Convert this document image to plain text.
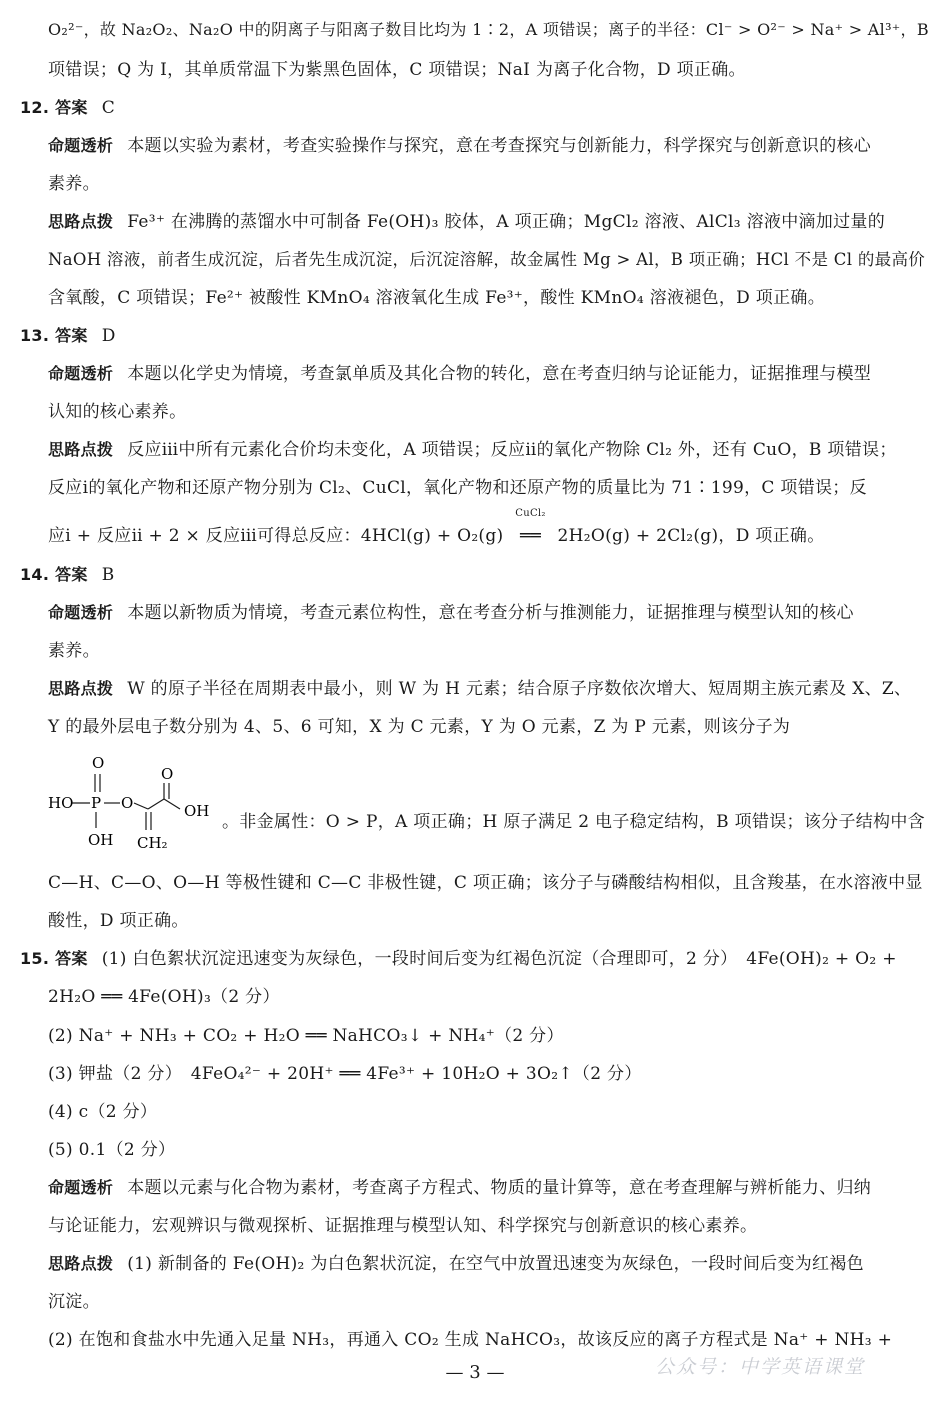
O₂²⁻，故 Na₂O₂、Na₂O 中的阴离子与阳离子数目比均为 1∶2，A 项错误；离子的半径：Cl⁻ > O²⁻ > Na⁺ > Al³⁺，B
项错误；Q 为 I，其单质常温下为紫黑色固体，C 项错误；NaI 为离子化合物，D 项正确。
12. 答案 C
命题透析 本题以实验为素材，考查实验操作与探究，意在考查探究与创新能力，科学探究与创新意识的核心
素养。
思路点拨 Fe³⁺ 在沸腾的蒸馏水中可制备 Fe(OH)₃ 胶体，A 项正确；MgCl₂ 溶液、AlCl₃ 溶液中滴加过量的
NaOH 溶液，前者生成沉淀，后者先生成沉淀，后沉淀溶解，故金属性 Mg > Al，B 项正确；HCl 不是 Cl 的最高价
含氧酸，C 项错误；Fe²⁺ 被酸性 KMnO₄ 溶液氧化生成 Fe³⁺，酸性 KMnO₄ 溶液褪色，D 项正确。
13. 答案 D
命题透析 本题以化学史为情境，考查氯单质及其化合物的转化，意在考查归纳与论证能力，证据推理与模型
认知的核心素养。
思路点拨 反应ⅲ中所有元素化合价均未变化，A 项错误；反应ⅱ的氧化产物除 Cl₂ 外，还有 CuO，B 项错误；
反应ⅰ的氧化产物和还原产物分别为 Cl₂、CuCl，氧化产物和还原产物的质量比为 71∶199，C 项错误；反
应ⅰ + 反应ⅱ + 2 × 反应ⅲ可得总反应：4HCl(g) + O₂(g)
CuCl₂
══ 2H₂O(g) + 2Cl₂(g)，D 项正确。
14. 答案 B
命题透析 本题以新物质为情境，考查元素位构性，意在考查分析与推测能力，证据推理与模型认知的核心
素养。
思路点拨 W 的原子半径在周期表中最小，则 W 为 H 元素；结合原子序数依次增大、短周期主族元素及 X、Z、
Y 的最外层电子数分别为 4、5、6 可知，X 为 C 元素，Y 为 O 元素，Z 为 P 元素，则该分子为
O
HO P O
O
OH
OH CH₂
。非金属性：O > P，A 项正确；H 原子满足 2 电子稳定结构，B 项错误；该分子结构中含
C—H、C—O、O—H 等极性键和 C—C 非极性键，C 项正确；该分子与磷酸结构相似，且含羧基，在水溶液中显
酸性，D 项正确。
15. 答案 (1) 白色絮状沉淀迅速变为灰绿色，一段时间后变为红褐色沉淀（合理即可，2 分）　4Fe(OH)₂ + O₂ +
2H₂O ══ 4Fe(OH)₃（2 分）
(2) Na⁺ + NH₃ + CO₂ + H₂O ══ NaHCO₃↓ + NH₄⁺（2 分）
(3) 钾盐（2 分）　4FeO₄²⁻ + 20H⁺ ══ 4Fe³⁺ + 10H₂O + 3O₂↑（2 分）
(4) c（2 分）
(5) 0.1（2 分）
命题透析 本题以元素与化合物为素材，考查离子方程式、物质的量计算等，意在考查理解与辨析能力、归纳
与论证能力，宏观辨识与微观探析、证据推理与模型认知、科学探究与创新意识的核心素养。
思路点拨 (1) 新制备的 Fe(OH)₂ 为白色絮状沉淀，在空气中放置迅速变为灰绿色，一段时间后变为红褐色
沉淀。
(2) 在饱和食盐水中先通入足量 NH₃，再通入 CO₂ 生成 NaHCO₃，故该反应的离子方程式是 Na⁺ + NH₃ +
公众号：中学英语课堂
— 3 —
